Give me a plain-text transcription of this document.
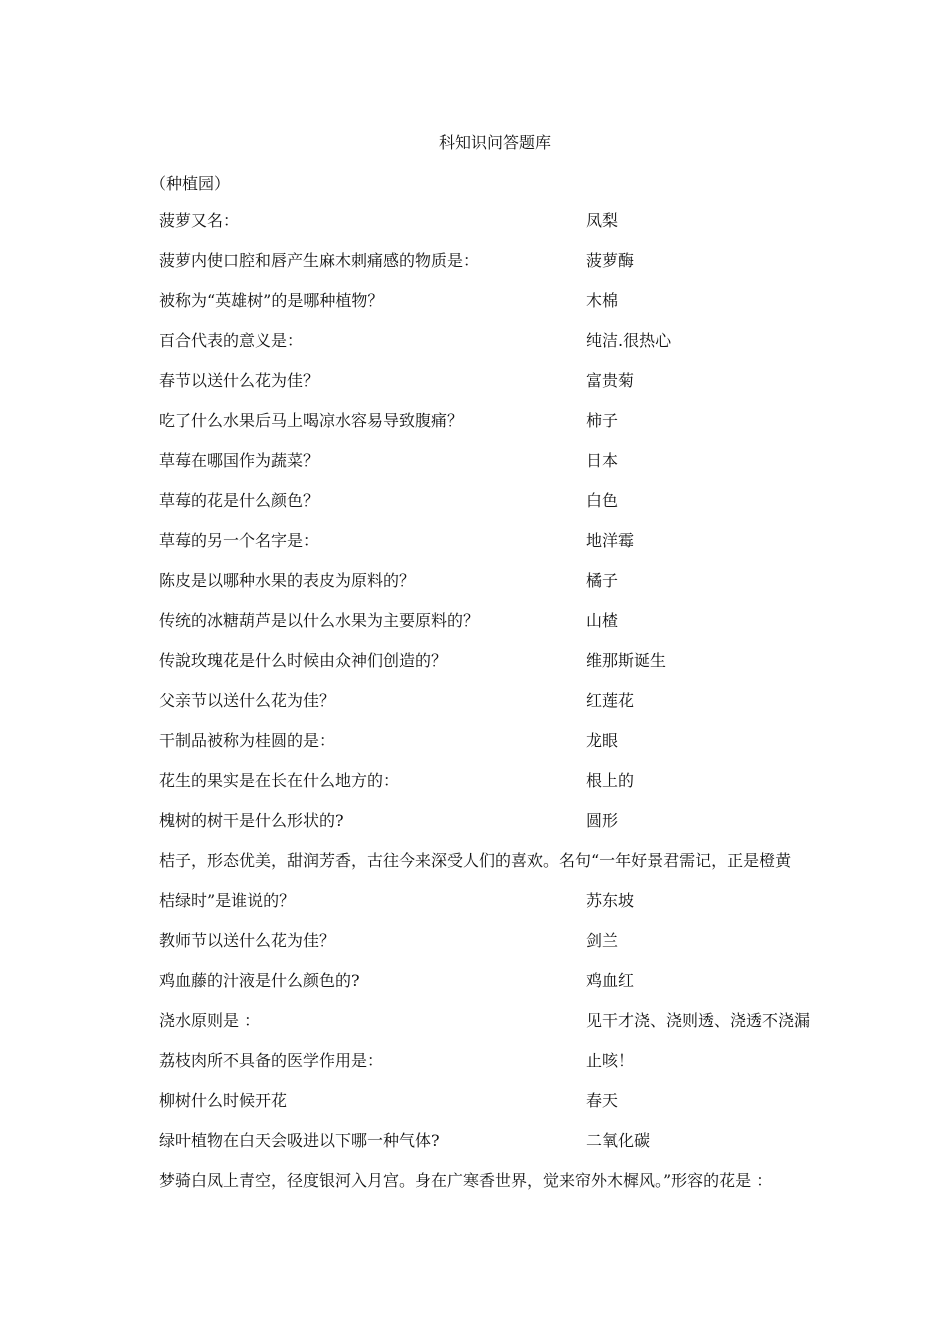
科知识问答题库
（种植园）
菠萝又名：	凤梨
菠萝内使口腔和唇产生麻木刺痛感的物质是：	菠萝酶
被称为“英雄树”的是哪种植物？	木棉
百合代表的意义是：	纯洁.很热心
春节以送什么花为佳？	富贵菊
吃了什么水果后马上喝凉水容易导致腹痛？	柿子
草莓在哪国作为蔬菜？	日本
草莓的花是什么颜色？	白色
草莓的另一个名字是：	地洋霉
陈皮是以哪种水果的表皮为原料的？	橘子
传统的冰糖葫芦是以什么水果为主要原料的？	山楂
传說玫瑰花是什么时候由众神们创造的？	维那斯诞生
父亲节以送什么花为佳？	红莲花
干制品被称为桂圆的是：	龙眼
花生的果实是在长在什么地方的：	根上的
槐树的树干是什么形状的?	圆形
桔子，形态优美，甜润芳香，古往今来深受人们的喜欢。名句“一年好景君需记，正是橙黄
桔绿时”是谁说的？	苏东坡
教师节以送什么花为佳？	剑兰
鸡血藤的汁液是什么颜色的?	鸡血红
浇水原则是 ：	见干才浇、浇则透、浇透不浇漏
荔枝肉所不具备的医学作用是：	止咳！
柳树什么时候开花	春天
绿叶植物在白天会吸进以下哪一种气体?	二氧化碳
梦骑白凤上青空，径度银河入月宫。身在广寒香世界，觉来帘外木樨风。”形容的花是 ：
